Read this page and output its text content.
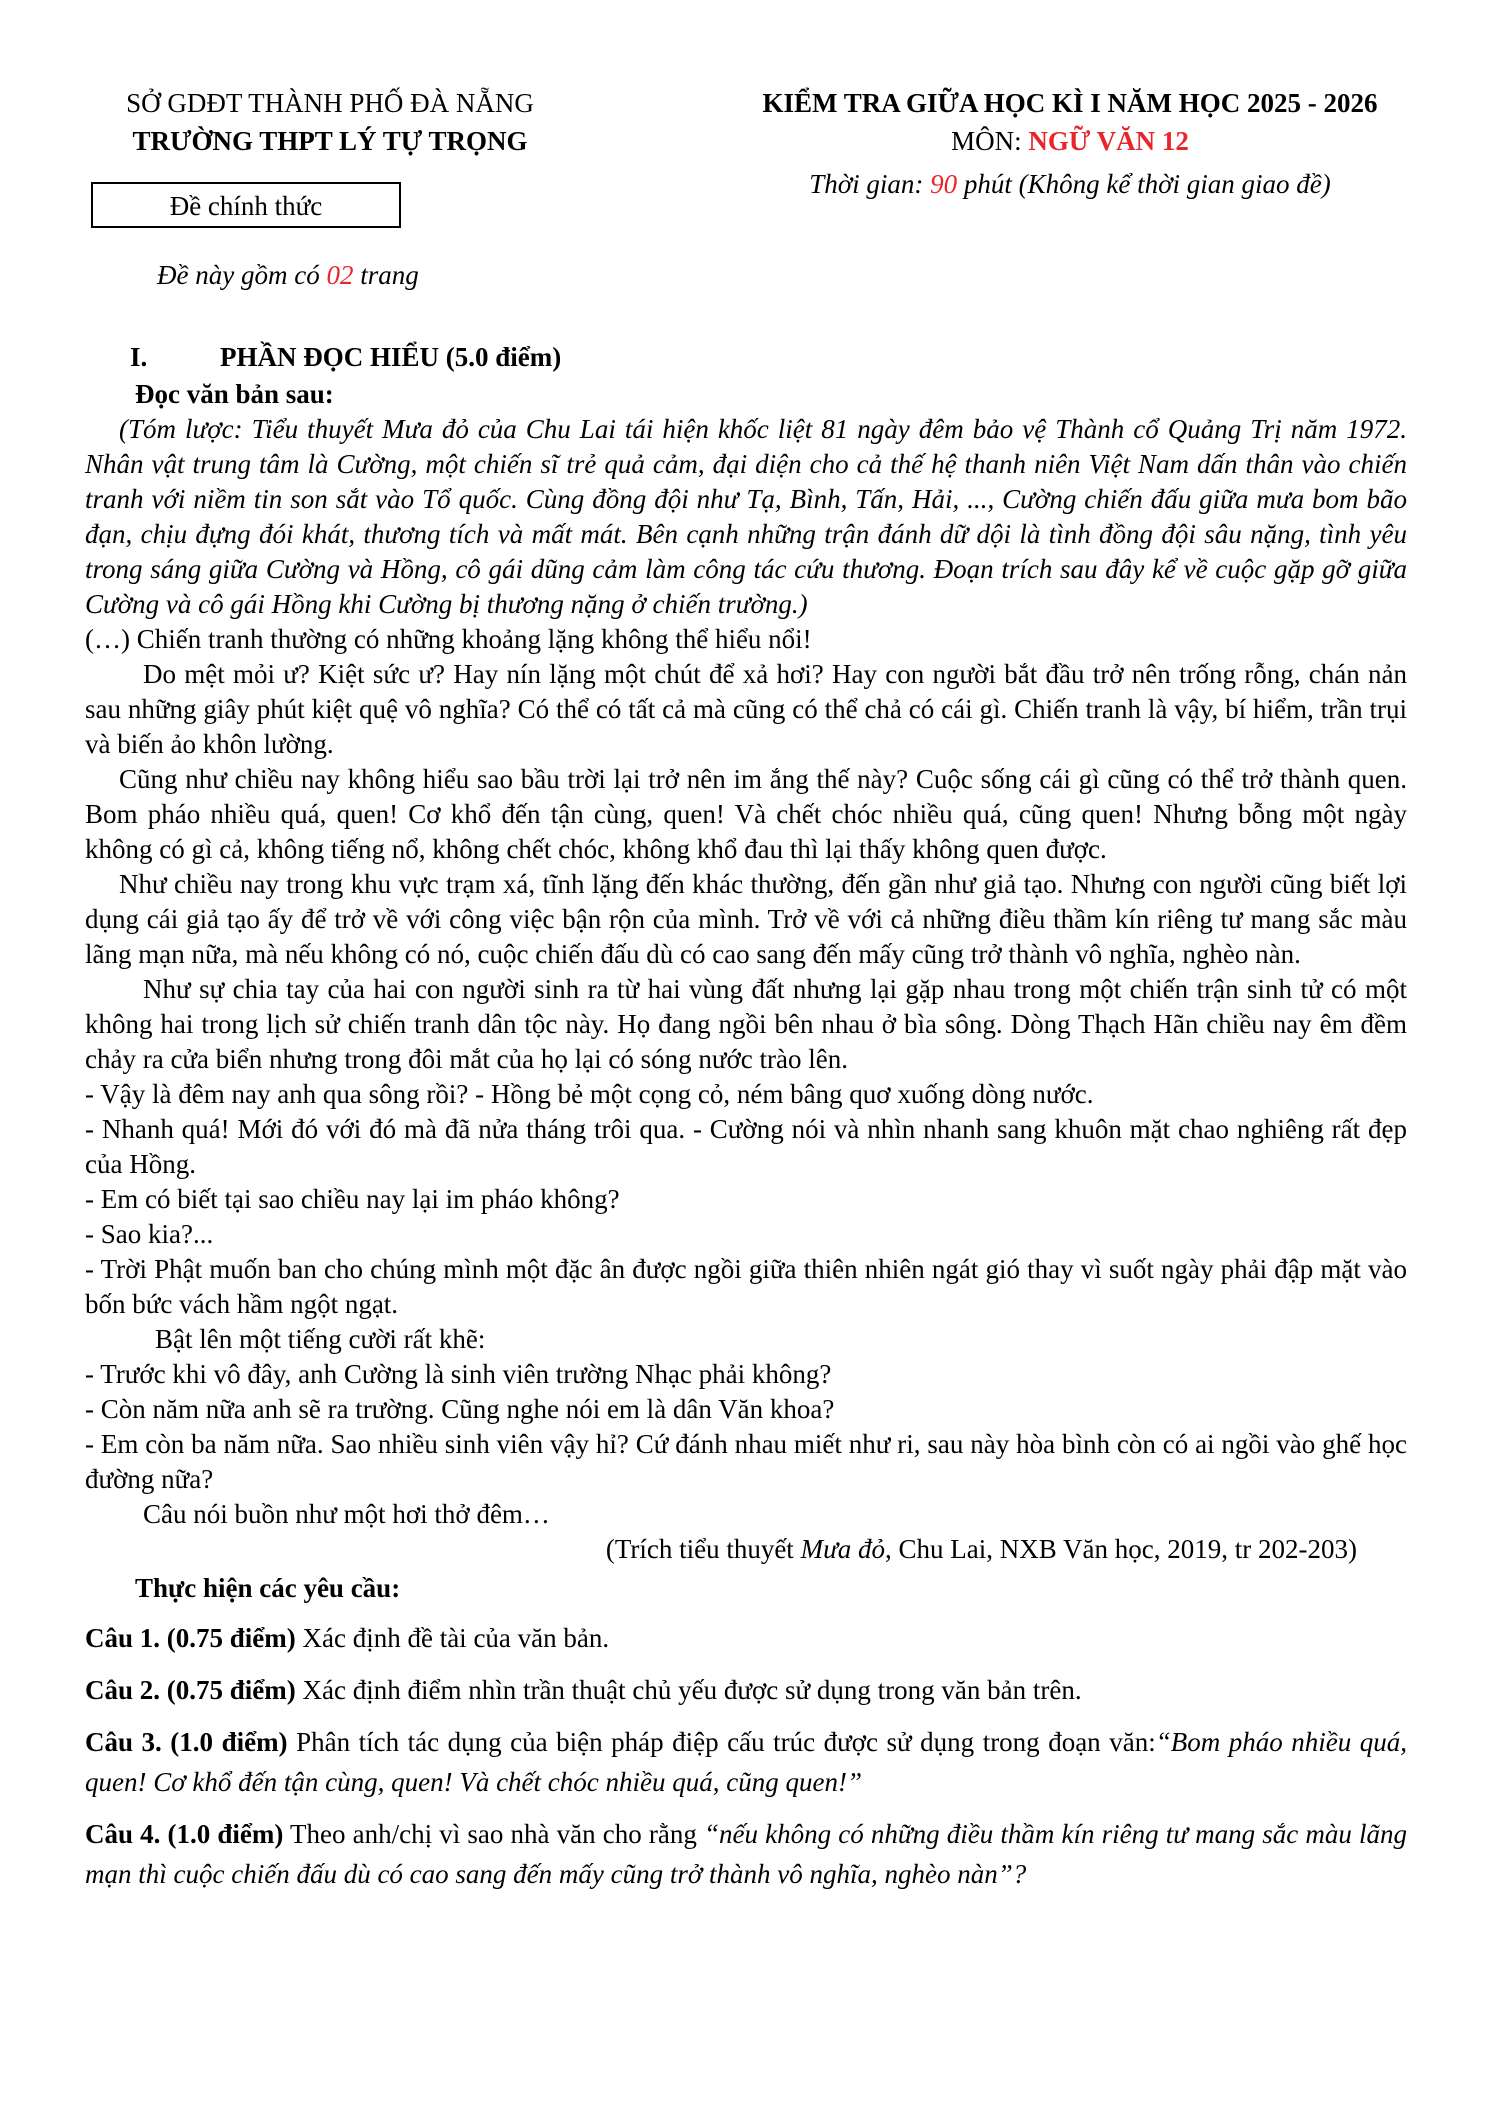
SỞ GDĐT THÀNH PHỐ ĐÀ NẴNG
TRƯỜNG THPT LÝ TỰ TRỌNG
Đề chính thức
Đề này gồm có 02 trang
KIỂM TRA GIỮA HỌC KÌ I NĂM HỌC 2025 - 2026
MÔN: NGỮ VĂN 12
Thời gian: 90 phút (Không kể thời gian giao đề)

I.	PHẦN ĐỌC HIỂU (5.0 điểm)

Đọc văn bản sau:

(Tóm lược: Tiểu thuyết Mưa đỏ của Chu Lai tái hiện khốc liệt 81 ngày đêm bảo vệ Thành cổ Quảng Trị năm 1972. Nhân vật trung tâm là Cường, một chiến sĩ trẻ quả cảm, đại diện cho cả thế hệ thanh niên Việt Nam dấn thân vào chiến tranh với niềm tin son sắt vào Tổ quốc. Cùng đồng đội như Tạ, Bình, Tấn, Hải, ..., Cường chiến đấu giữa mưa bom bão đạn, chịu đựng đói khát, thương tích và mất mát. Bên cạnh những trận đánh dữ dội là tình đồng đội sâu nặng, tình yêu trong sáng giữa Cường và Hồng, cô gái dũng cảm làm công tác cứu thương. Đoạn trích sau đây kể về cuộc gặp gỡ giữa Cường và cô gái Hồng khi Cường bị thương nặng ở chiến trường.)

(…) Chiến tranh thường có những khoảng lặng không thể hiểu nổi!

Do mệt mỏi ư? Kiệt sức ư? Hay nín lặng một chút để xả hơi? Hay con người bắt đầu trở nên trống rỗng, chán nản sau những giây phút kiệt quệ vô nghĩa? Có thể có tất cả mà cũng có thể chả có cái gì. Chiến tranh là vậy, bí hiểm, trần trụi và biến ảo khôn lường.

Cũng như chiều nay không hiểu sao bầu trời lại trở nên im ắng thế này? Cuộc sống cái gì cũng có thể trở thành quen. Bom pháo nhiều quá, quen! Cơ khổ đến tận cùng, quen! Và chết chóc nhiều quá, cũng quen! Nhưng bỗng một ngày không có gì cả, không tiếng nổ, không chết chóc, không khổ đau thì lại thấy không quen được.

Như chiều nay trong khu vực trạm xá, tĩnh lặng đến khác thường, đến gần như giả tạo. Nhưng con người cũng biết lợi dụng cái giả tạo ấy để trở về với công việc bận rộn của mình. Trở về với cả những điều thầm kín riêng tư mang sắc màu lãng mạn nữa, mà nếu không có nó, cuộc chiến đấu dù có cao sang đến mấy cũng trở thành vô nghĩa, nghèo nàn.

Như sự chia tay của hai con người sinh ra từ hai vùng đất nhưng lại gặp nhau trong một chiến trận sinh tử có một không hai trong lịch sử chiến tranh dân tộc này. Họ đang ngồi bên nhau ở bìa sông. Dòng Thạch Hãn chiều nay êm đềm chảy ra cửa biển nhưng trong đôi mắt của họ lại có sóng nước trào lên.

- Vậy là đêm nay anh qua sông rồi? - Hồng bẻ một cọng cỏ, ném bâng quơ xuống dòng nước.

- Nhanh quá! Mới đó với đó mà đã nửa tháng trôi qua. - Cường nói và nhìn nhanh sang khuôn mặt chao nghiêng rất đẹp của Hồng.

- Em có biết tại sao chiều nay lại im pháo không?

- Sao kia?...

- Trời Phật muốn ban cho chúng mình một đặc ân được ngồi giữa thiên nhiên ngát gió thay vì suốt ngày phải đập mặt vào bốn bức vách hầm ngột ngạt.

Bật lên một tiếng cười rất khẽ:

- Trước khi vô đây, anh Cường là sinh viên trường Nhạc phải không?

- Còn năm nữa anh sẽ ra trường. Cũng nghe nói em là dân Văn khoa?

- Em còn ba năm nữa. Sao nhiều sinh viên vậy hỉ? Cứ đánh nhau miết như ri, sau này hòa bình còn có ai ngồi vào ghế học đường nữa?

Câu nói buồn như một hơi thở đêm…

(Trích tiểu thuyết Mưa đỏ, Chu Lai, NXB Văn học, 2019, tr 202-203)

Thực hiện các yêu cầu:

Câu 1. (0.75 điểm) Xác định đề tài của văn bản.

Câu 2. (0.75 điểm) Xác định điểm nhìn trần thuật chủ yếu được sử dụng trong văn bản trên.

Câu 3. (1.0 điểm) Phân tích tác dụng của biện pháp điệp cấu trúc được sử dụng trong đoạn văn:“Bom pháo nhiều quá, quen! Cơ khổ đến tận cùng, quen! Và chết chóc nhiều quá, cũng quen!”

Câu 4. (1.0 điểm) Theo anh/chị vì sao nhà văn cho rằng “nếu không có những điều thầm kín riêng tư mang sắc màu lãng mạn thì cuộc chiến đấu dù có cao sang đến mấy cũng trở thành vô nghĩa, nghèo nàn”?
